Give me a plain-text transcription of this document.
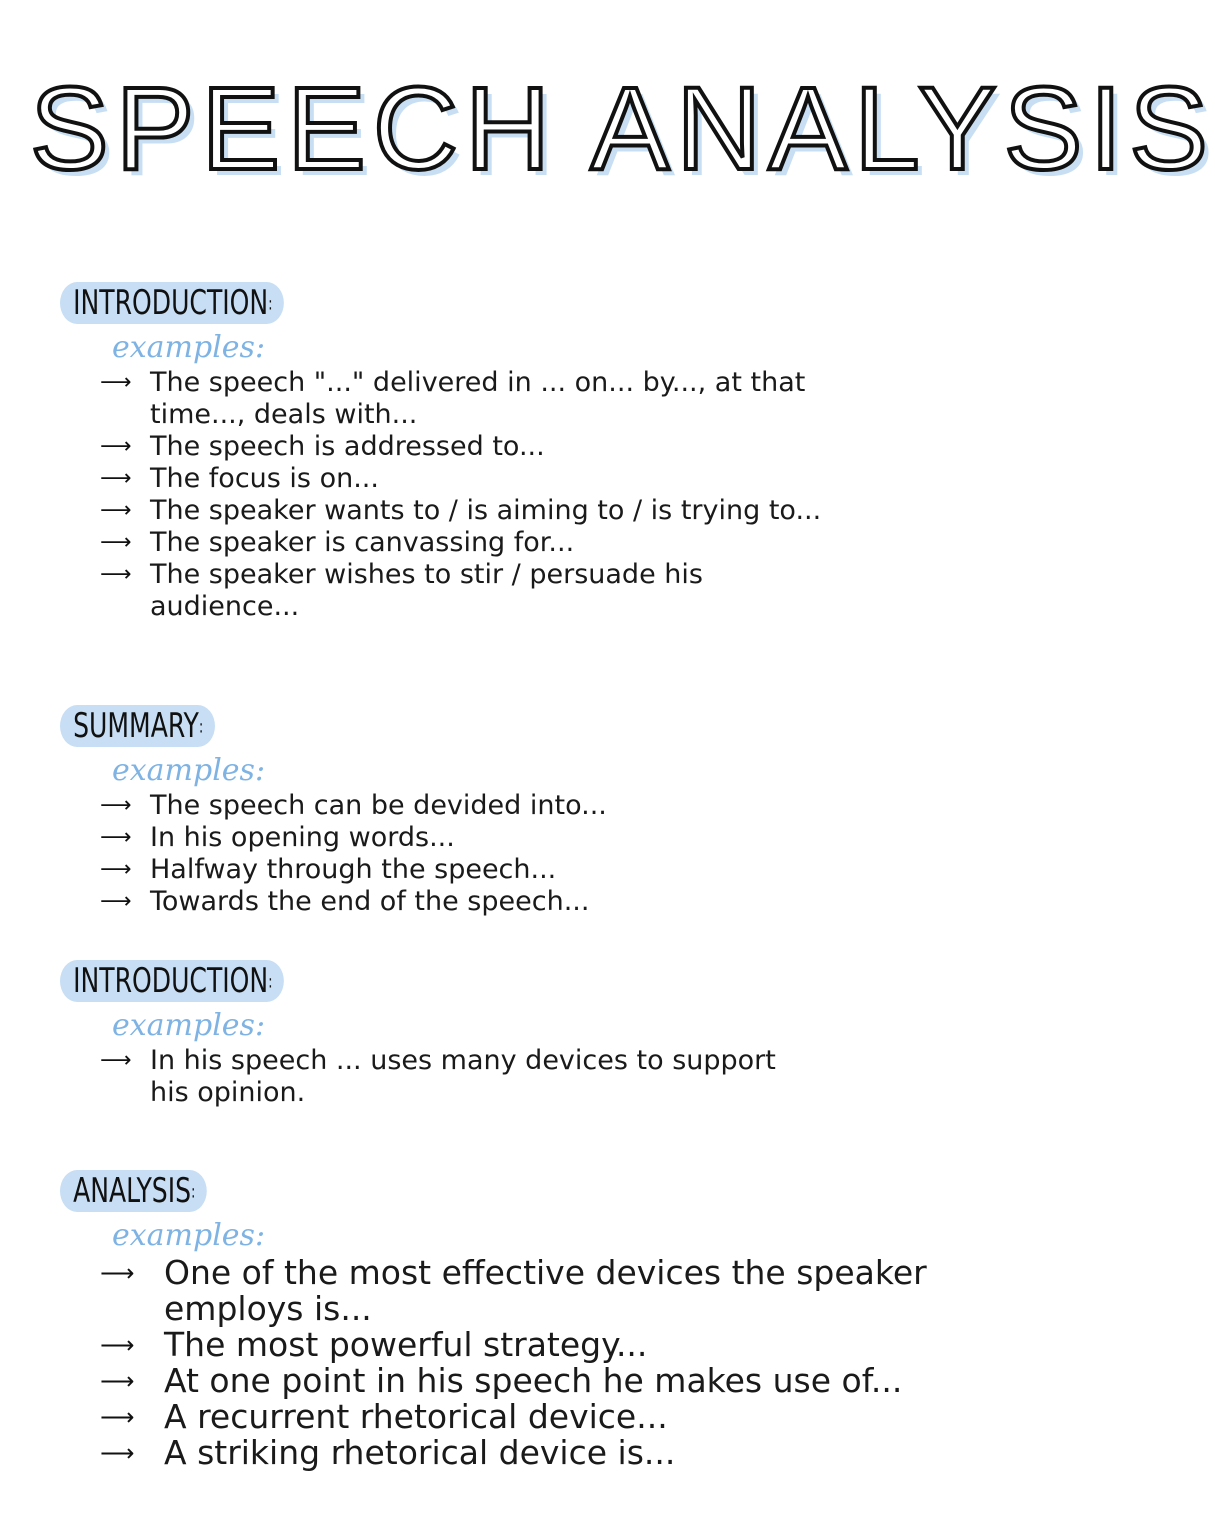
SPEECH ANALYSIS
INTRODUCTION:
examples:
⟶ The speech "..." delivered in ... on... by..., at that time..., deals with...
⟶ The speech is addressed to...
⟶ The focus is on...
⟶ The speaker wants to / is aiming to / is trying to...
⟶ The speaker is canvassing for...
⟶ The speaker wishes to stir / persuade his audience...
SUMMARY:
examples:
⟶ The speech can be devided into...
⟶ In his opening words...
⟶ Halfway through the speech...
⟶ Towards the end of the speech...
INTRODUCTION:
examples:
⟶ In his speech ... uses many devices to support his opinion.
ANALYSIS:
examples:
⟶ One of the most effective devices the speaker employs is...
⟶ The most powerful strategy...
⟶ At one point in his speech he makes use of...
⟶ A recurrent rhetorical device...
⟶ A striking rhetorical device is...
